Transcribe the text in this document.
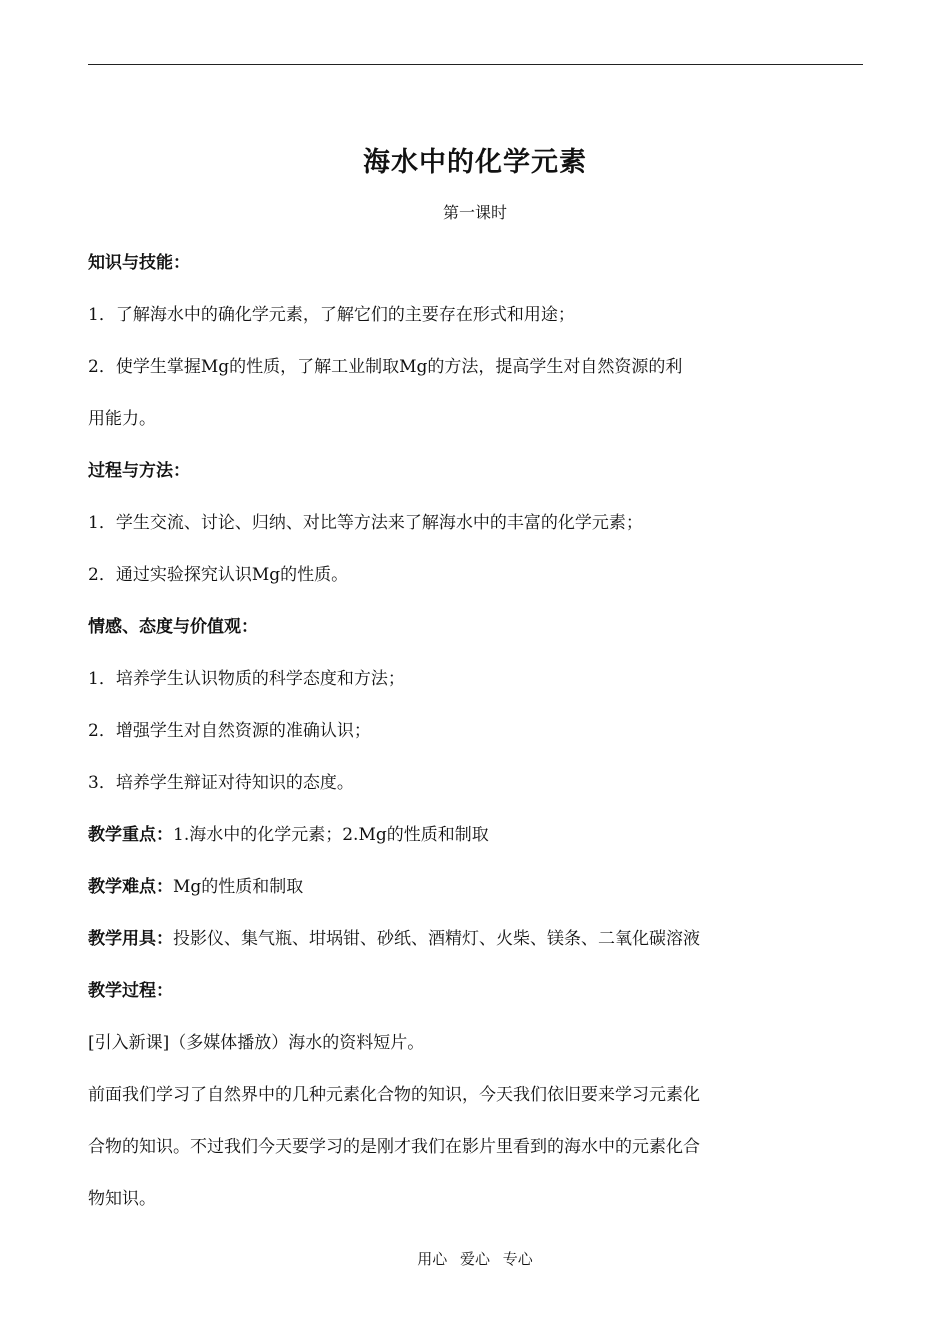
海水中的化学元素
第一课时
知识与技能：
1．了解海水中的确化学元素，了解它们的主要存在形式和用途；
2．使学生掌握Mg的性质，了解工业制取Mg的方法，提高学生对自然资源的利
用能力。
过程与方法：
1．学生交流、讨论、归纳、对比等方法来了解海水中的丰富的化学元素；
2．通过实验探究认识Mg的性质。
情感、态度与价值观：
1．培养学生认识物质的科学态度和方法；
2．增强学生对自然资源的准确认识；
3．培养学生辩证对待知识的态度。
教学重点：1.海水中的化学元素；2.Mg的性质和制取
教学难点：Mg的性质和制取
教学用具：投影仪、集气瓶、坩埚钳、砂纸、酒精灯、火柴、镁条、二氧化碳溶液
教学过程：
[引入新课]（多媒体播放）海水的资料短片。
前面我们学习了自然界中的几种元素化合物的知识，今天我们依旧要来学习元素化
合物的知识。不过我们今天要学习的是刚才我们在影片里看到的海水中的元素化合
物知识。
用心 爱心 专心
